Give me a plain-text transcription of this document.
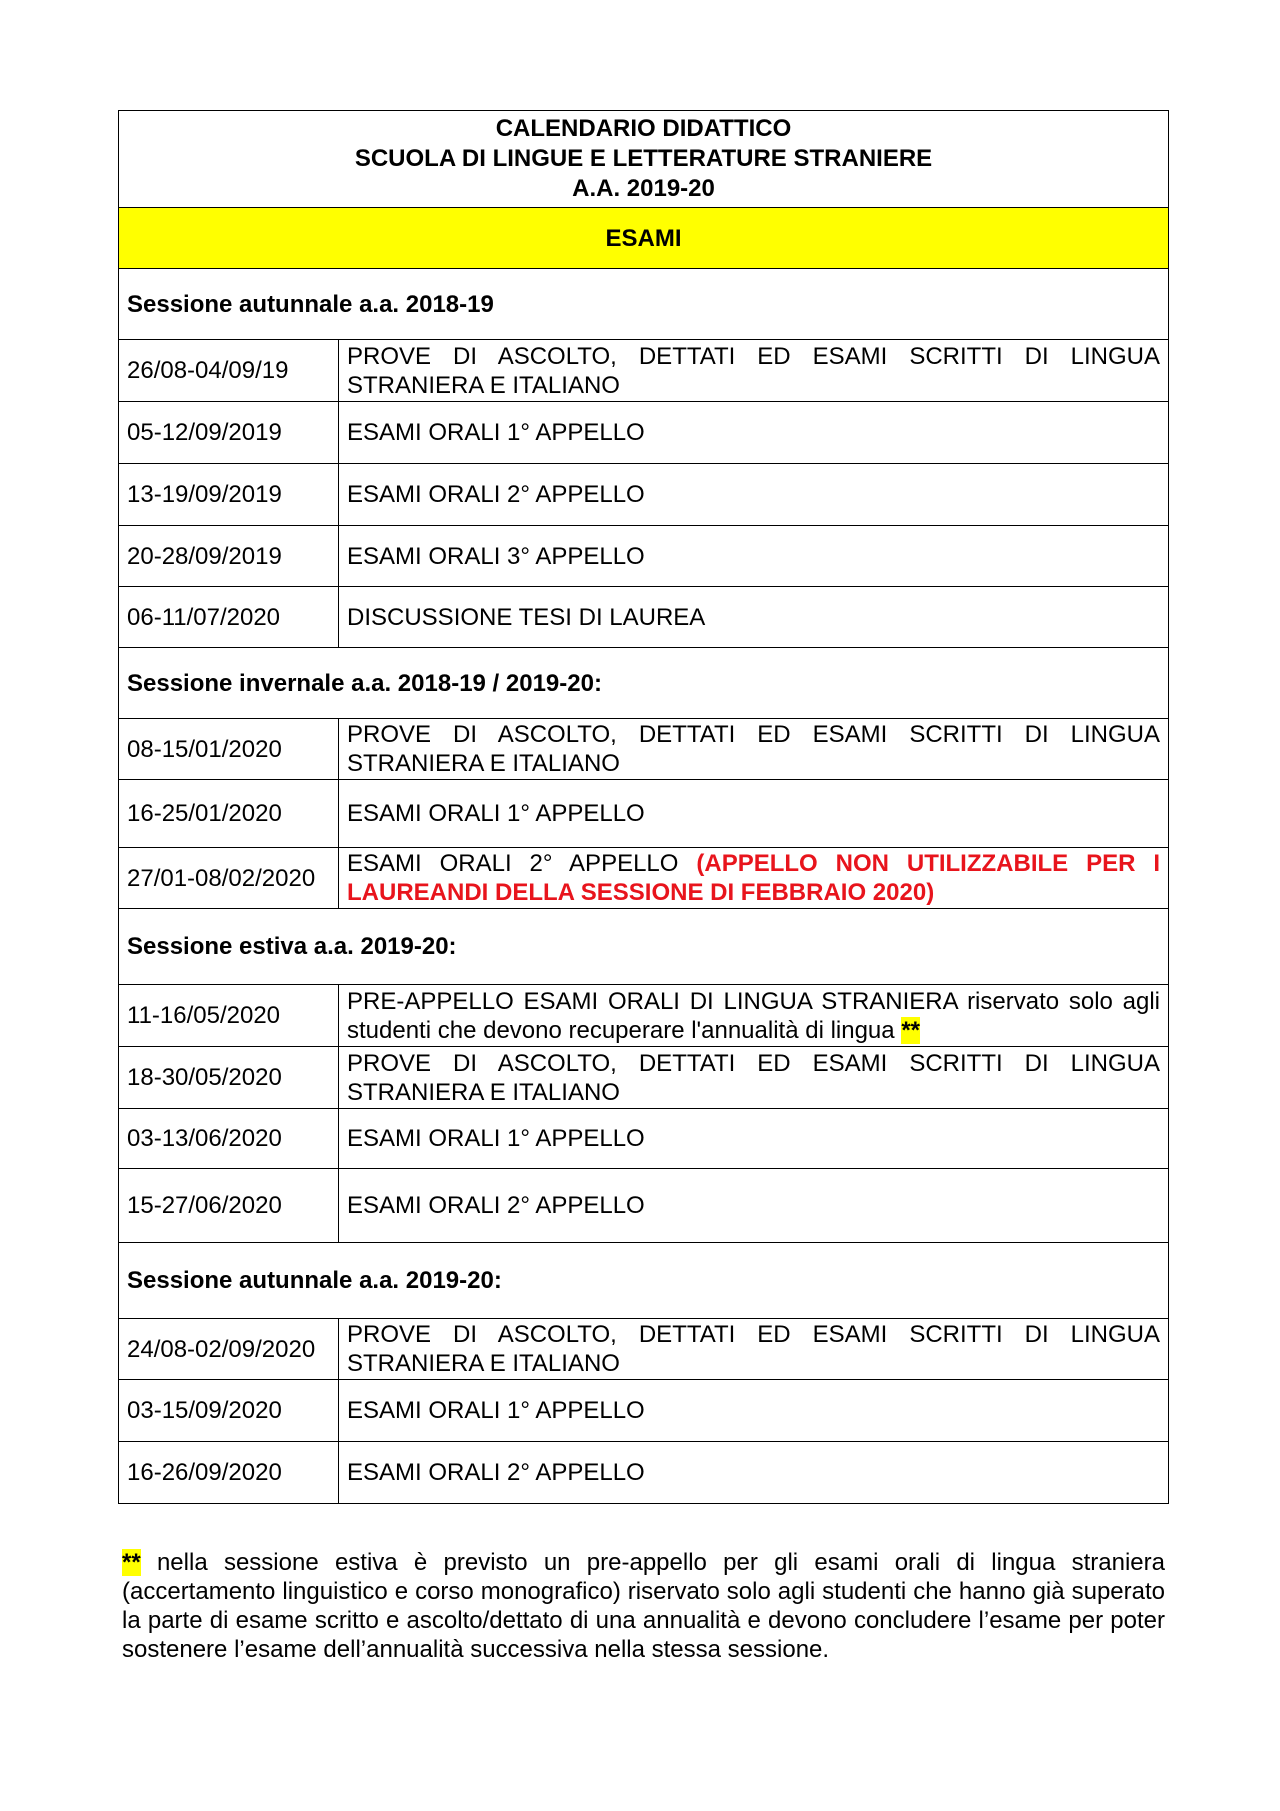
CALENDARIO DIDATTICO
SCUOLA DI LINGUE E LETTERATURE STRANIERE
A.A. 2019-20	

ESAMI	
Sessione autunnale a.a. 2018-19	
26/08-04/09/19	PROVE DI ASCOLTO, DETTATI ED ESAMI SCRITTI DI LINGUA STRANIERA E ITALIANO
05-12/09/2019	ESAMI ORALI 1° APPELLO
13-19/09/2019	ESAMI ORALI 2° APPELLO
20-28/09/2019	ESAMI ORALI 3° APPELLO
06-11/07/2020	DISCUSSIONE TESI DI LAUREA
Sessione invernale a.a. 2018-19 / 2019-20:	
08-15/01/2020	PROVE DI ASCOLTO, DETTATI ED ESAMI SCRITTI DI LINGUA STRANIERA E ITALIANO
16-25/01/2020	ESAMI ORALI 1° APPELLO
27/01-08/02/2020	ESAMI ORALI 2° APPELLO (APPELLO NON UTILIZZABILE PER I LAUREANDI DELLA SESSIONE DI FEBBRAIO 2020)
Sessione estiva a.a. 2019-20:	
11-16/05/2020	PRE-APPELLO ESAMI ORALI DI LINGUA STRANIERA riservato solo agli studenti che devono recuperare l'annualità di lingua **
18-30/05/2020	PROVE DI ASCOLTO, DETTATI ED ESAMI SCRITTI DI LINGUA STRANIERA E ITALIANO
03-13/06/2020	ESAMI ORALI 1° APPELLO
15-27/06/2020	ESAMI ORALI 2° APPELLO
Sessione autunnale a.a. 2019-20:	
24/08-02/09/2020	PROVE DI ASCOLTO, DETTATI ED ESAMI SCRITTI DI LINGUA STRANIERA E ITALIANO
03-15/09/2020	ESAMI ORALI 1° APPELLO
16-26/09/2020	ESAMI ORALI 2° APPELLO

** nella sessione estiva è previsto un pre-appello per gli esami orali di lingua straniera (accertamento linguistico e corso monografico) riservato solo agli studenti che hanno già superato la parte di esame scritto e ascolto/dettato di una annualità e devono concludere l’esame per poter sostenere l’esame dell’annualità successiva nella stessa sessione.
